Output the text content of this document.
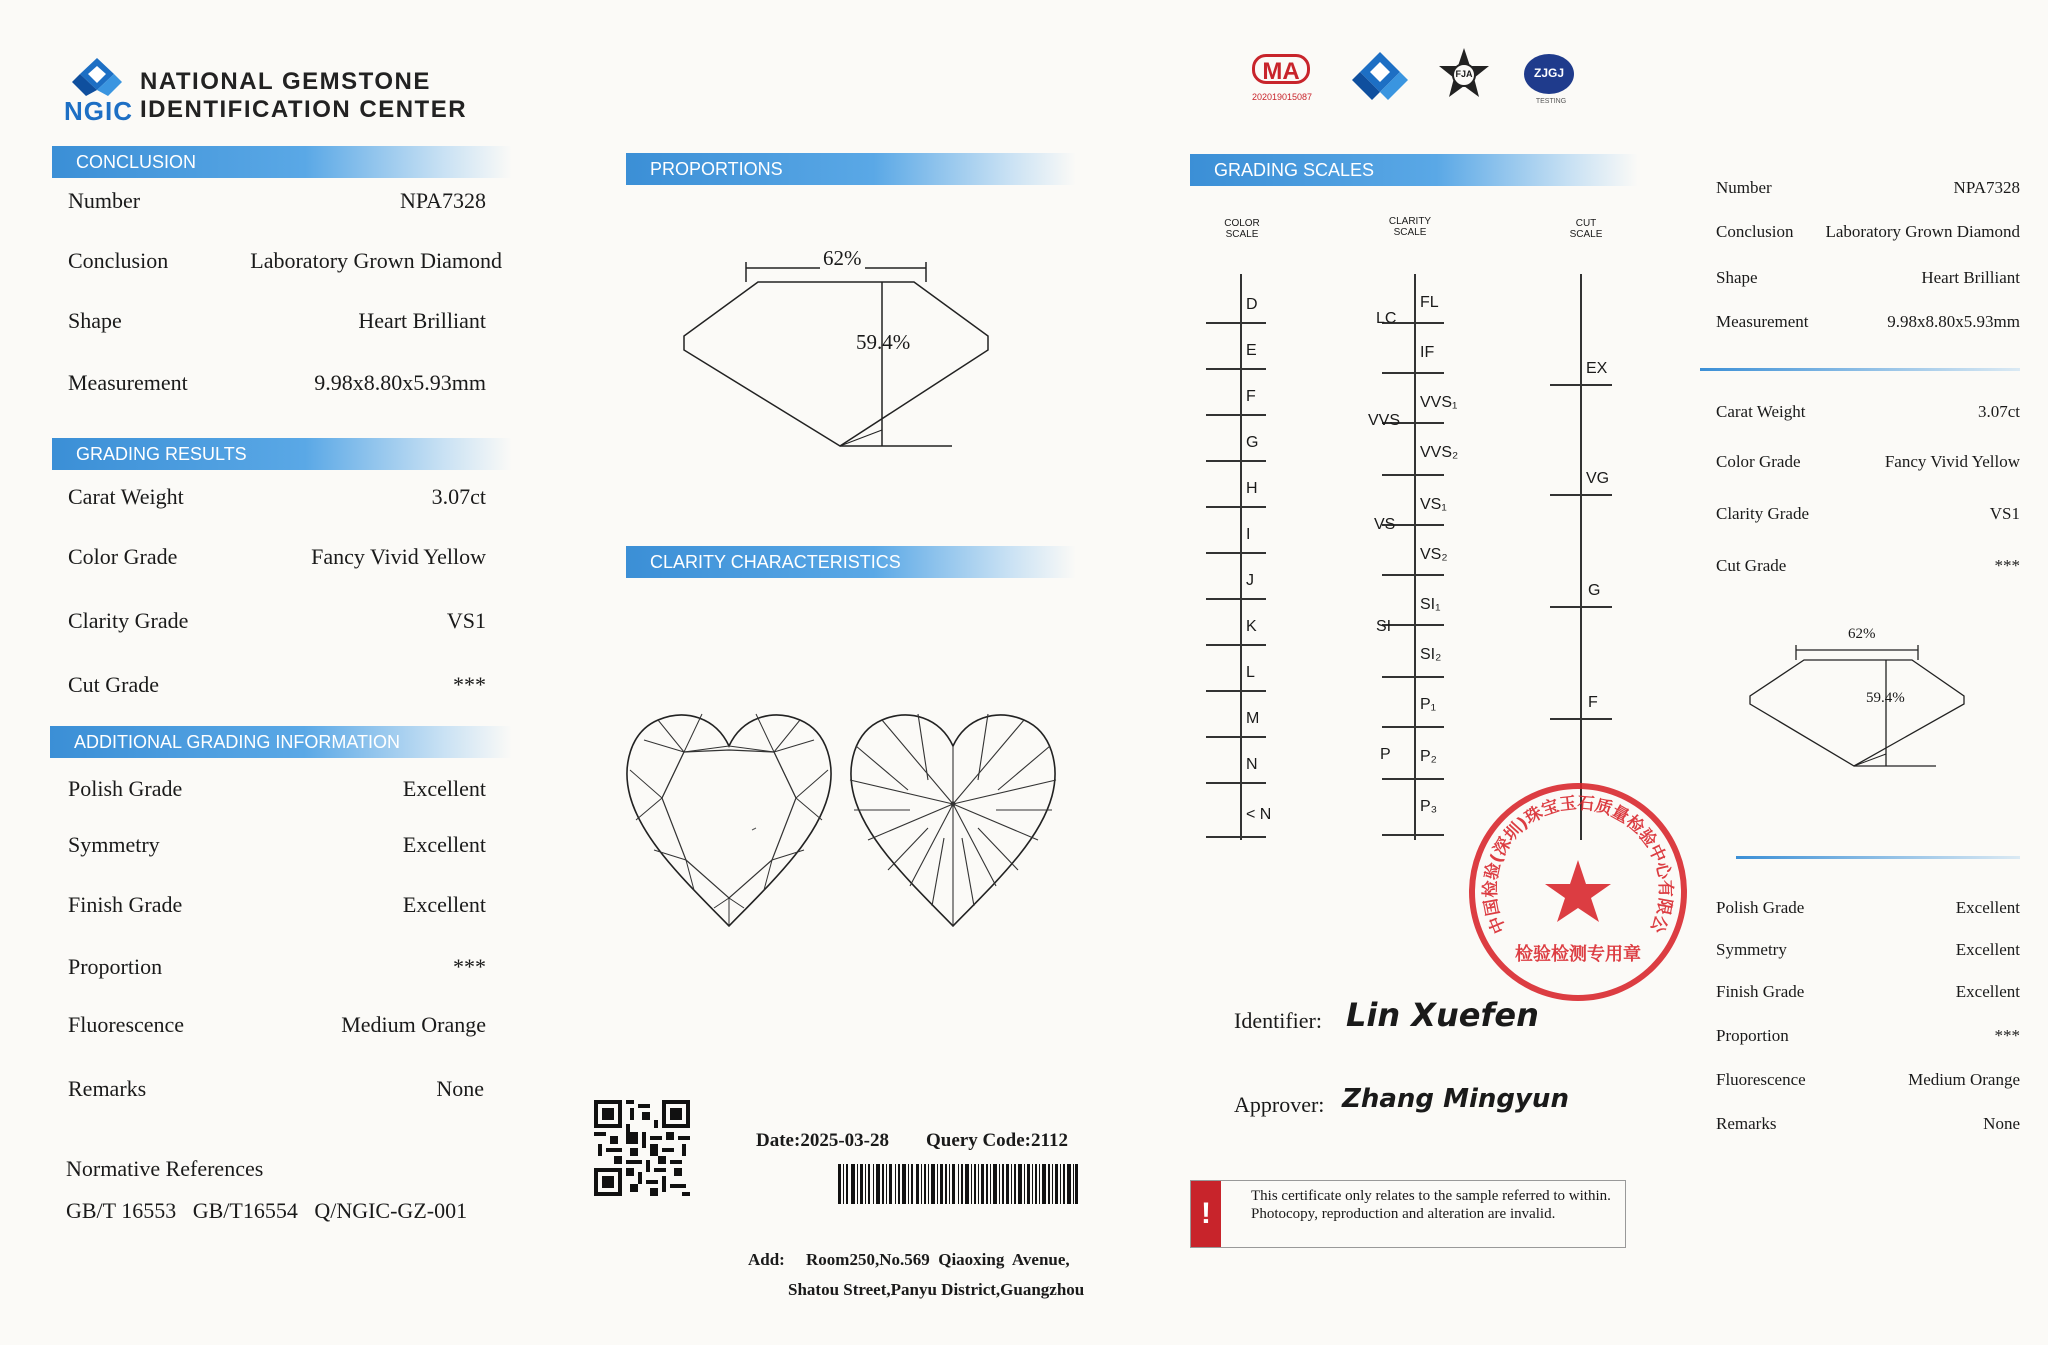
NGIC
NATIONAL GEMSTONE
IDENTIFICATION CENTER
CONCLUSION
Number	NPA7328
Conclusion	Laboratory Grown Diamond
Shape	Heart Brilliant
Measurement	9.98x8.80x5.93mm
GRADING RESULTS
Carat Weight	3.07ct
Color Grade	Fancy Vivid Yellow
Clarity Grade	VS1
Cut Grade	***
ADDITIONAL GRADING INFORMATION
Polish Grade	Excellent
Symmetry	Excellent
Finish Grade	Excellent
Proportion	***
Fluorescence	Medium Orange
Remarks	None
Normative References
GB/T 16553   GB/T16554   Q/NGIC-GZ-001
PROPORTIONS
62%
59.4%
CLARITY CHARACTERISTICS
Date:2025-03-28 Query Code:2112
Add: Room250,No.569  Qiaoxing  Avenue,
Shatou Street,Panyu District,Guangzhou
MA
202019015087
FJA	ZJGJ
TESTING
GRADING SCALES
COLOR
SCALE
CLARITY
SCALE
CUT
SCALE
D
E
F
G
H
I
J
K
L
M
N
< N
FL
IF
VVS₁
VVS₂
VS₁
VS₂
SI₁
SI₂
P₁
P₂
P₃
LC
VVS
VS
SI
P
EX
VG
G
F
中国检验(深圳)珠宝玉石质量检验中心有限公
检验检测专用章
Identifier: Lin Xuefen
Approver: Zhang Mingyun
!
This certificate only relates to the sample referred to within. Photocopy, reproduction and alteration are invalid.
Number	NPA7328
Conclusion Laboratory Grown Diamond
Shape	Heart Brilliant
Measurement	9.98x8.80x5.93mm
Carat Weight	3.07ct
Color Grade	Fancy Vivid Yellow
Clarity Grade	VS1
Cut Grade	***
62%
59.4%
Polish Grade	Excellent
Symmetry	Excellent
Finish Grade	Excellent
Proportion	***
Fluorescence	Medium Orange
Remarks	None
